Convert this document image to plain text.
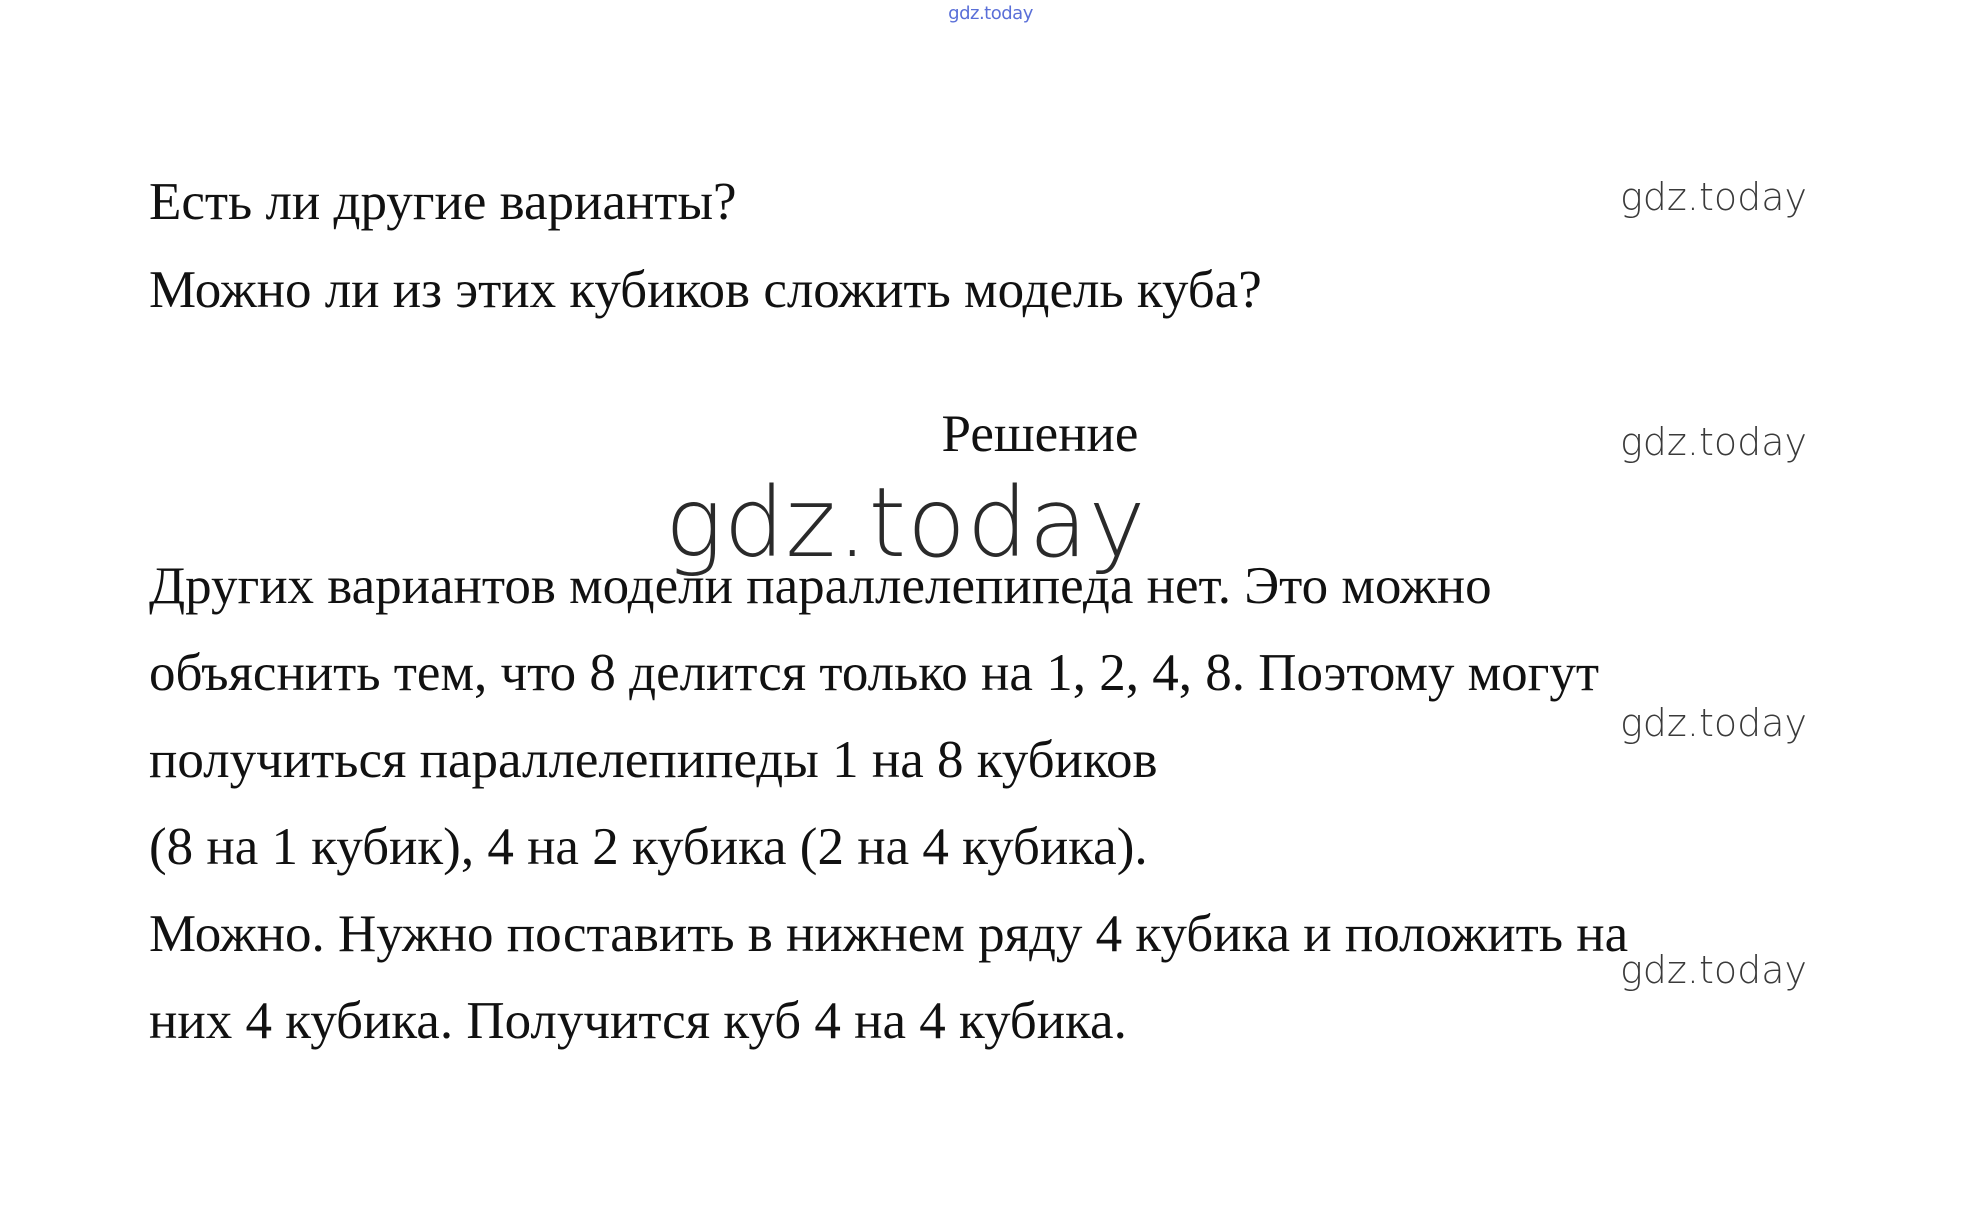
gdz.today
Есть ли другие варианты?
Можно ли из этих кубиков сложить модель куба?
Решение
Других вариантов модели параллелепипеда нет. Это можно
объяснить тем, что 8 делится только на 1, 2, 4, 8. Поэтому могут
получиться параллелепипеды 1 на 8 кубиков
(8 на 1 кубик), 4 на 2 кубика (2 на 4 кубика).
Можно. Нужно поставить в нижнем ряду 4 кубика и положить на
них 4 кубика. Получится куб 4 на 4 кубика.
gdz.today
gdz.today
gdz.today
gdz.today
gdz.today
